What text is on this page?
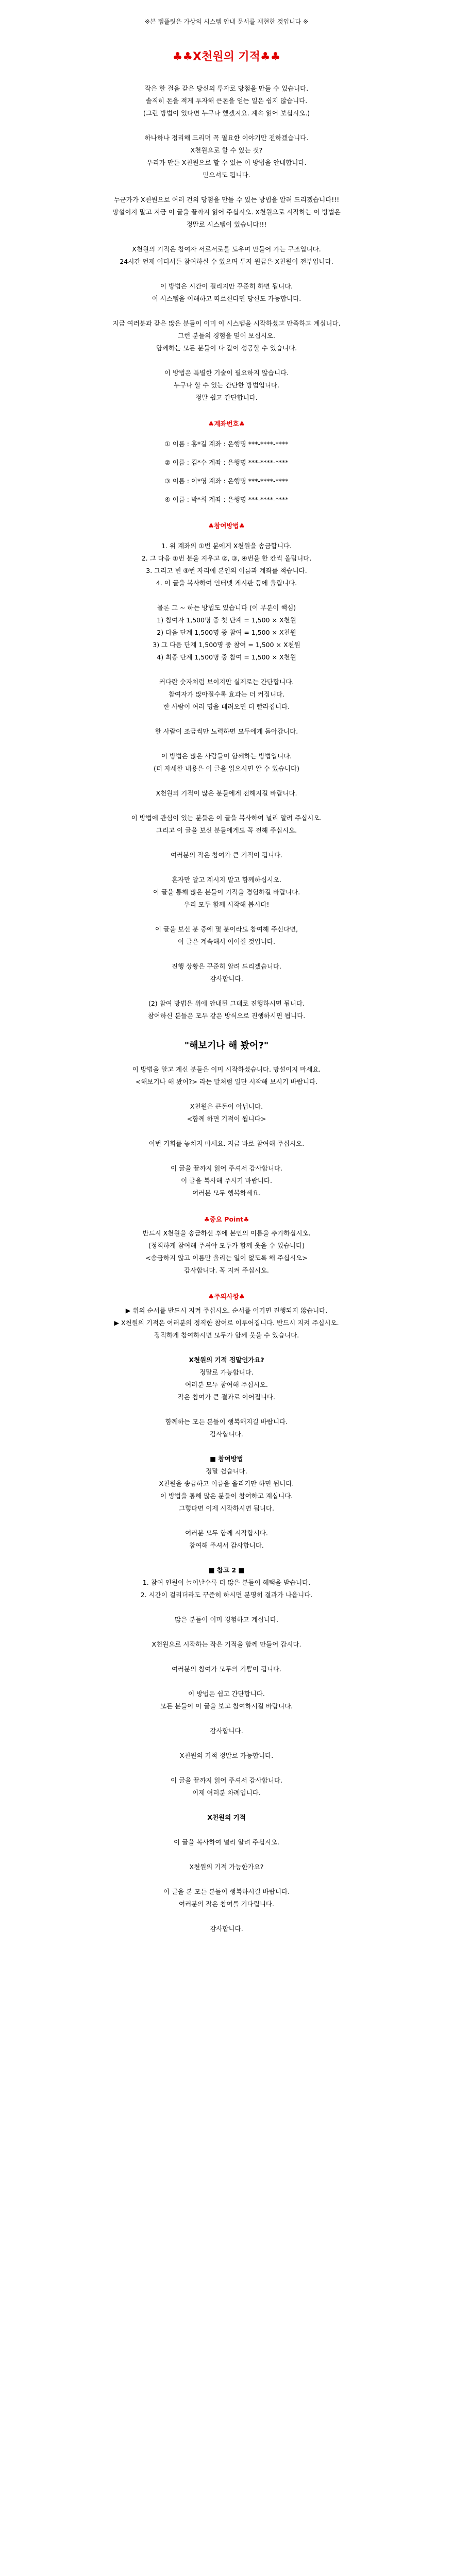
※본 템플릿은 가상의 시스템 안내 문서를 재현한 것입니다 ※

♣♣X천원의 기적♣♣

작은 한 걸음 같은 당신의 투자로 당첨을 만들 수 있습니다.

솔직히 돈을 적게 투자해 큰돈을 얻는 일은 쉽지 않습니다.

(그런 방법이 있다면 누구나 했겠지요. 계속 읽어 보십시오.)

하나하나 정리해 드리며 꼭 필요한 이야기만 전하겠습니다.

X천원으로 할 수 있는 것?

우리가 만든 X천원으로 할 수 있는 이 방법을 안내합니다.

믿으셔도 됩니다.

누군가가 X천원으로 여러 건의 당첨을 만들 수 있는 방법을 알려 드리겠습니다!!!

망설이지 말고 지금 이 글을 끝까지 읽어 주십시오. X천원으로 시작하는 이 방법은

정말로 시스템이 있습니다!!!

X천원의 기적은 참여자 서로서로를 도우며 만들어 가는 구조입니다.

24시간 언제 어디서든 참여하실 수 있으며 투자 원금은 X천원이 전부입니다.

이 방법은 시간이 걸리지만 꾸준히 하면 됩니다.

이 시스템을 이해하고 따르신다면 당신도 가능합니다.

지금 여러분과 같은 많은 분들이 이미 이 시스템을 시작하셨고 만족하고 계십니다.

그런 분들의 경험을 믿어 보십시오.

함께하는 모든 분들이 다 같이 성공할 수 있습니다.

이 방법은 특별한 기술이 필요하지 않습니다.

누구나 할 수 있는 간단한 방법입니다.

정말 쉽고 간단합니다.

♣계좌번호♣

① 이름 : 홍*길 계좌 : 은행명 ***-****-****

② 이름 : 김*수 계좌 : 은행명 ***-****-****

③ 이름 : 이*영 계좌 : 은행명 ***-****-****

④ 이름 : 박*희 계좌 : 은행명 ***-****-****

♣참여방법♣

1. 위 계좌의 ①번 분에게 X천원을 송금합니다.

2. 그 다음 ①번 분을 지우고 ②, ③, ④번을 한 칸씩 올립니다.

3. 그리고 빈 ④번 자리에 본인의 이름과 계좌를 적습니다.

4. 이 글을 복사하여 인터넷 게시판 등에 올립니다.

물론 그 ~ 하는 방법도 있습니다 (이 부분이 핵심)

1) 참여자 1,500명 중 첫 단계 = 1,500 × X천원

2) 다음 단계 1,500명 중 참여 = 1,500 × X천원

3) 그 다음 단계 1,500명 중 참여 = 1,500 × X천원

4) 최종 단계 1,500명 중 참여 = 1,500 × X천원

커다란 숫자처럼 보이지만 실제로는 간단합니다.

참여자가 많아질수록 효과는 더 커집니다.

한 사람이 여러 명을 데려오면 더 빨라집니다.

한 사람이 조금씩만 노력하면 모두에게 돌아갑니다.

이 방법은 많은 사람들이 함께하는 방법입니다.

(더 자세한 내용은 이 글을 읽으시면 알 수 있습니다)

X천원의 기적이 많은 분들에게 전해지길 바랍니다.

이 방법에 관심이 있는 분들은 이 글을 복사하여 널리 알려 주십시오.

그리고 이 글을 보신 분들에게도 꼭 전해 주십시오.

여러분의 작은 참여가 큰 기적이 됩니다.

혼자만 알고 계시지 말고 함께하십시오.

이 글을 통해 많은 분들이 기적을 경험하길 바랍니다.

우리 모두 함께 시작해 봅시다!

이 글을 보신 분 중에 몇 분이라도 참여해 주신다면,

이 글은 계속해서 이어질 것입니다.

진행 상황은 꾸준히 알려 드리겠습니다.

감사합니다.

(2) 참여 방법은 위에 안내된 그대로 진행하시면 됩니다.

참여하신 분들은 모두 같은 방식으로 진행하시면 됩니다.

"해보기나 해 봤어?"

이 방법을 알고 계신 분들은 이미 시작하셨습니다. 망설이지 마세요.

<해보기나 해 봤어?> 라는 말처럼 일단 시작해 보시기 바랍니다.

X천원은 큰돈이 아닙니다.

<함께 하면 기적이 됩니다>

이번 기회를 놓치지 마세요. 지금 바로 참여해 주십시오.

이 글을 끝까지 읽어 주셔서 감사합니다.

이 글을 복사해 주시기 바랍니다.

여러분 모두 행복하세요.

♣중요 Point♣

반드시 X천원을 송금하신 후에 본인의 이름을 추가하십시오.

(정직하게 참여해 주셔야 모두가 함께 웃을 수 있습니다)

<송금하지 않고 이름만 올리는 일이 없도록 해 주십시오>

감사합니다. 꼭 지켜 주십시오.

♣주의사항♣

▶ 위의 순서를 반드시 지켜 주십시오. 순서를 어기면 진행되지 않습니다.

▶ X천원의 기적은 여러분의 정직한 참여로 이루어집니다. 반드시 지켜 주십시오.

정직하게 참여하시면 모두가 함께 웃을 수 있습니다.

X천원의 기적 정말인가요?

정말로 가능합니다.

여러분 모두 참여해 주십시오.

작은 참여가 큰 결과로 이어집니다.

함께하는 모든 분들이 행복해지길 바랍니다.

감사합니다.

■ 참여방법

정말 쉽습니다.

X천원을 송금하고 이름을 올리기만 하면 됩니다.

이 방법을 통해 많은 분들이 참여하고 계십니다.

그렇다면 이제 시작하시면 됩니다.

여러분 모두 함께 시작합시다.

참여해 주셔서 감사합니다.

■ 참고 2 ■

1. 참여 인원이 늘어날수록 더 많은 분들이 혜택을 받습니다.

2. 시간이 걸리더라도 꾸준히 하시면 분명히 결과가 나옵니다.

많은 분들이 이미 경험하고 계십니다.

X천원으로 시작하는 작은 기적을 함께 만들어 갑시다.

여러분의 참여가 모두의 기쁨이 됩니다.

이 방법은 쉽고 간단합니다.

모든 분들이 이 글을 보고 참여하시길 바랍니다.

감사합니다.

X천원의 기적 정말로 가능합니다.

이 글을 끝까지 읽어 주셔서 감사합니다.

이제 여러분 차례입니다.

X천원의 기적

이 글을 복사하여 널리 알려 주십시오.

X천원의 기적 가능한가요?

이 글을 본 모든 분들이 행복하시길 바랍니다.

여러분의 작은 참여를 기다립니다.

감사합니다.
